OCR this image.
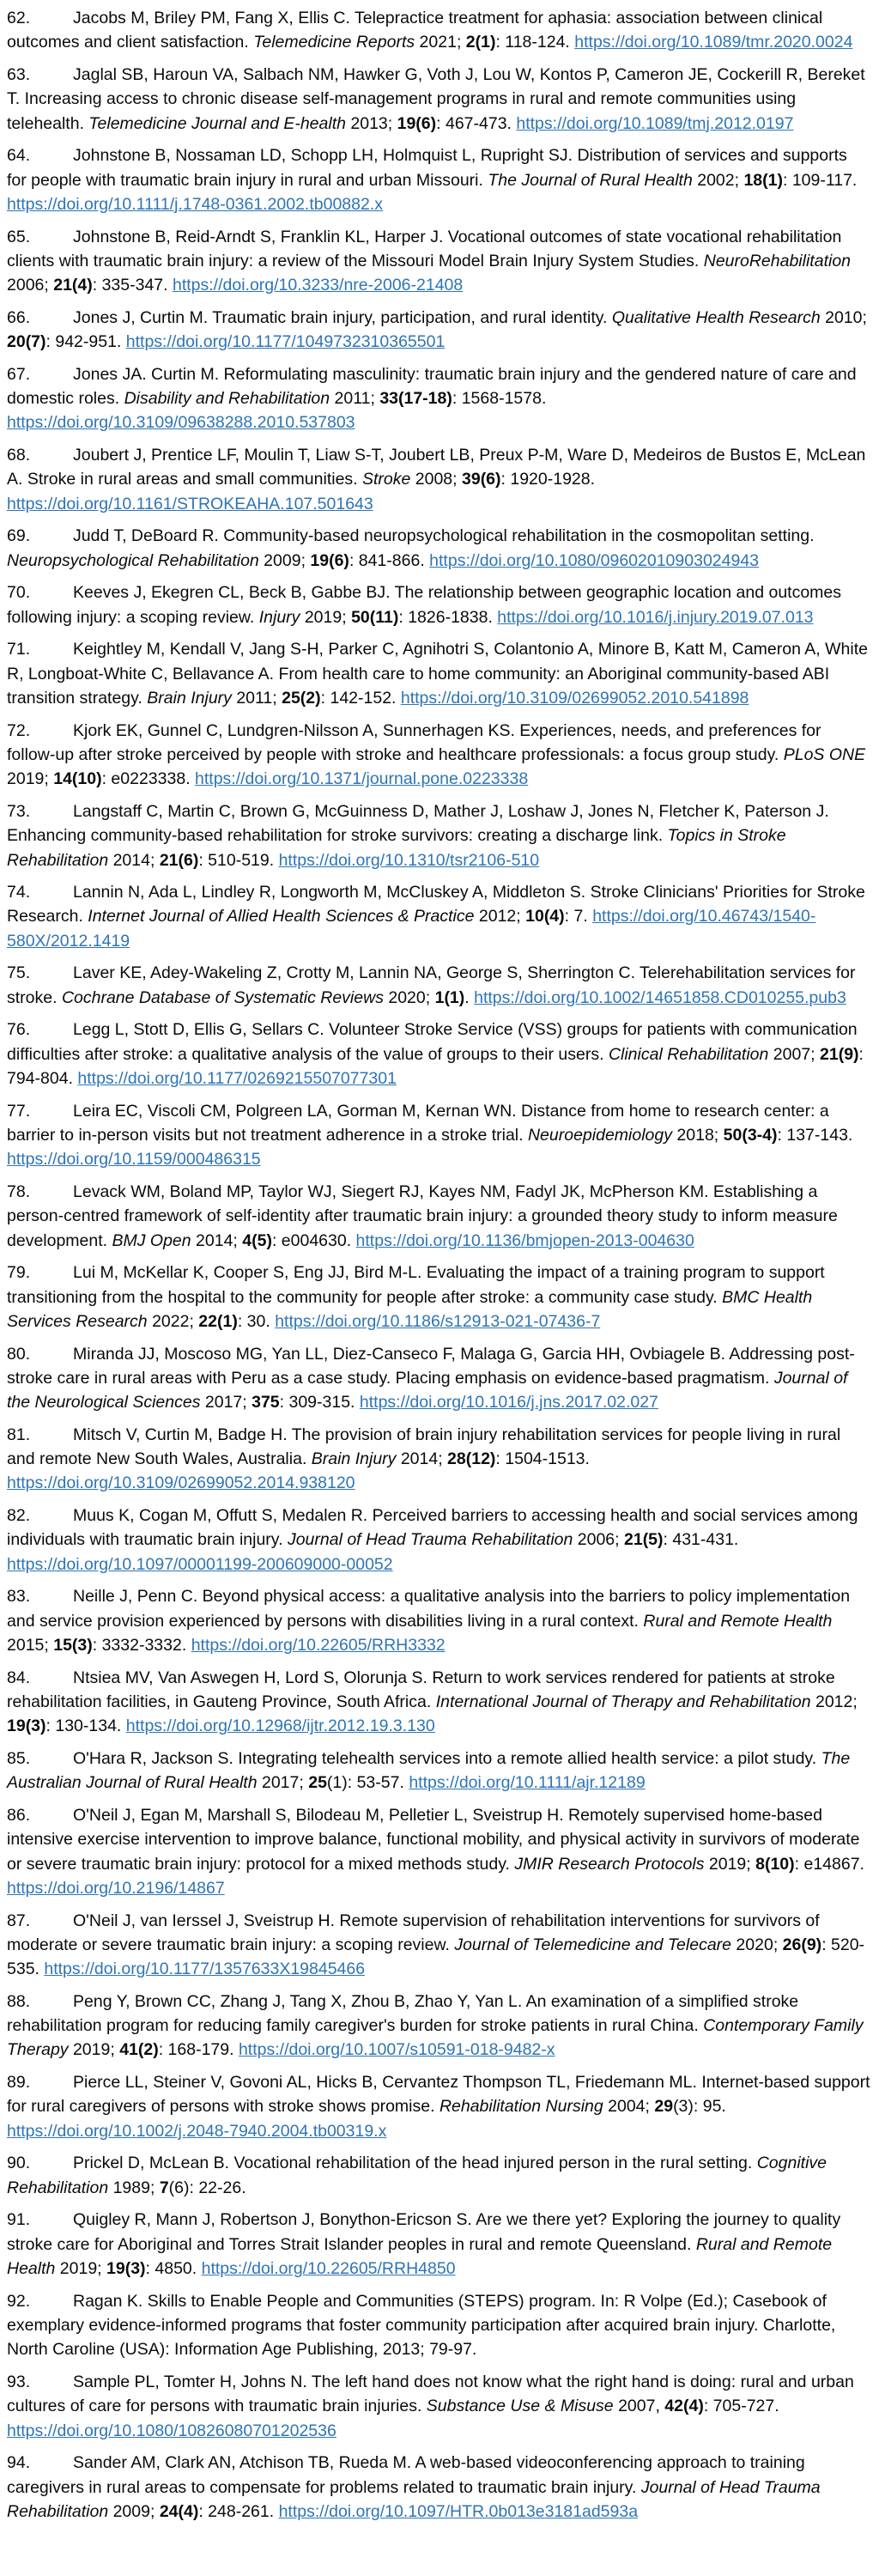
62.	Jacobs M, Briley PM, Fang X, Ellis C. Telepractice treatment for aphasia: association between clinical outcomes and client satisfaction. Telemedicine Reports 2021; 2(1): 118-124. https://doi.org/10.1089/tmr.2020.0024

63.	Jaglal SB, Haroun VA, Salbach NM, Hawker G, Voth J, Lou W, Kontos P, Cameron JE, Cockerill R, Bereket T. Increasing access to chronic disease self-management programs in rural and remote communities using telehealth. Telemedicine Journal and E-health 2013; 19(6): 467-473. https://doi.org/10.1089/tmj.2012.0197

64.	Johnstone B, Nossaman LD, Schopp LH, Holmquist L, Rupright SJ. Distribution of services and supports for people with traumatic brain injury in rural and urban Missouri. The Journal of Rural Health 2002; 18(1): 109-117. https://doi.org/10.1111/j.1748-0361.2002.tb00882.x

65.	Johnstone B, Reid-Arndt S, Franklin KL, Harper J. Vocational outcomes of state vocational rehabilitation clients with traumatic brain injury: a review of the Missouri Model Brain Injury System Studies. NeuroRehabilitation 2006; 21(4): 335-347. https://doi.org/10.3233/nre-2006-21408

66.	Jones J, Curtin M. Traumatic brain injury, participation, and rural identity. Qualitative Health Research 2010; 20(7): 942-951. https://doi.org/10.1177/1049732310365501

67.	Jones JA. Curtin M. Reformulating masculinity: traumatic brain injury and the gendered nature of care and domestic roles. Disability and Rehabilitation 2011; 33(17-18): 1568-1578. https://doi.org/10.3109/09638288.2010.537803

68.	Joubert J, Prentice LF, Moulin T, Liaw S-T, Joubert LB, Preux P-M, Ware D, Medeiros de Bustos E, McLean A. Stroke in rural areas and small communities. Stroke 2008; 39(6): 1920-1928. https://doi.org/10.1161/STROKEAHA.107.501643

69.	Judd T, DeBoard R. Community-based neuropsychological rehabilitation in the cosmopolitan setting. Neuropsychological Rehabilitation 2009; 19(6): 841-866. https://doi.org/10.1080/09602010903024943

70.	Keeves J, Ekegren CL, Beck B, Gabbe BJ. The relationship between geographic location and outcomes following injury: a scoping review. Injury 2019; 50(11): 1826-1838. https://doi.org/10.1016/j.injury.2019.07.013

71.	Keightley M, Kendall V, Jang S-H, Parker C, Agnihotri S, Colantonio A, Minore B, Katt M, Cameron A, White R, Longboat-White C, Bellavance A. From health care to home community: an Aboriginal community-based ABI transition strategy. Brain Injury 2011; 25(2): 142-152. https://doi.org/10.3109/02699052.2010.541898

72.	Kjork EK, Gunnel C, Lundgren-Nilsson A, Sunnerhagen KS. Experiences, needs, and preferences for follow-up after stroke perceived by people with stroke and healthcare professionals: a focus group study. PLoS ONE 2019; 14(10): e0223338. https://doi.org/10.1371/journal.pone.0223338

73.	Langstaff C, Martin C, Brown G, McGuinness D, Mather J, Loshaw J, Jones N, Fletcher K, Paterson J. Enhancing community-based rehabilitation for stroke survivors: creating a discharge link. Topics in Stroke Rehabilitation 2014; 21(6): 510-519. https://doi.org/10.1310/tsr2106-510

74.	Lannin N, Ada L, Lindley R, Longworth M, McCluskey A, Middleton S. Stroke Clinicians' Priorities for Stroke Research. Internet Journal of Allied Health Sciences & Practice 2012; 10(4): 7. https://doi.org/10.46743/1540-580X/2012.1419

75.	Laver KE, Adey-Wakeling Z, Crotty M, Lannin NA, George S, Sherrington C. Telerehabilitation services for stroke. Cochrane Database of Systematic Reviews 2020; 1(1). https://doi.org/10.1002/14651858.CD010255.pub3

76.	Legg L, Stott D, Ellis G, Sellars C. Volunteer Stroke Service (VSS) groups for patients with communication difficulties after stroke: a qualitative analysis of the value of groups to their users. Clinical Rehabilitation 2007; 21(9): 794-804. https://doi.org/10.1177/0269215507077301

77.	Leira EC, Viscoli CM, Polgreen LA, Gorman M, Kernan WN. Distance from home to research center: a barrier to in-person visits but not treatment adherence in a stroke trial. Neuroepidemiology 2018; 50(3-4): 137-143. https://doi.org/10.1159/000486315

78.	Levack WM, Boland MP, Taylor WJ, Siegert RJ, Kayes NM, Fadyl JK, McPherson KM. Establishing a person-centred framework of self-identity after traumatic brain injury: a grounded theory study to inform measure development. BMJ Open 2014; 4(5): e004630. https://doi.org/10.1136/bmjopen-2013-004630

79.	Lui M, McKellar K, Cooper S, Eng JJ, Bird M-L. Evaluating the impact of a training program to support transitioning from the hospital to the community for people after stroke: a community case study. BMC Health Services Research 2022; 22(1): 30. https://doi.org/10.1186/s12913-021-07436-7

80.	Miranda JJ, Moscoso MG, Yan LL, Diez-Canseco F, Malaga G, Garcia HH, Ovbiagele B. Addressing post-stroke care in rural areas with Peru as a case study. Placing emphasis on evidence-based pragmatism. Journal of the Neurological Sciences 2017; 375: 309-315. https://doi.org/10.1016/j.jns.2017.02.027

81.	Mitsch V, Curtin M, Badge H. The provision of brain injury rehabilitation services for people living in rural and remote New South Wales, Australia. Brain Injury 2014; 28(12): 1504-1513. https://doi.org/10.3109/02699052.2014.938120

82.	Muus K, Cogan M, Offutt S, Medalen R. Perceived barriers to accessing health and social services among individuals with traumatic brain injury. Journal of Head Trauma Rehabilitation 2006; 21(5): 431-431. https://doi.org/10.1097/00001199-200609000-00052

83.	Neille J, Penn C. Beyond physical access: a qualitative analysis into the barriers to policy implementation and service provision experienced by persons with disabilities living in a rural context. Rural and Remote Health 2015; 15(3): 3332-3332. https://doi.org/10.22605/RRH3332

84.	Ntsiea MV, Van Aswegen H, Lord S, Olorunja S. Return to work services rendered for patients at stroke rehabilitation facilities, in Gauteng Province, South Africa. International Journal of Therapy and Rehabilitation 2012; 19(3): 130-134. https://doi.org/10.12968/ijtr.2012.19.3.130

85.	O'Hara R, Jackson S. Integrating telehealth services into a remote allied health service: a pilot study. The Australian Journal of Rural Health 2017; 25(1): 53-57. https://doi.org/10.1111/ajr.12189

86.	O'Neil J, Egan M, Marshall S, Bilodeau M, Pelletier L, Sveistrup H. Remotely supervised home-based intensive exercise intervention to improve balance, functional mobility, and physical activity in survivors of moderate or severe traumatic brain injury: protocol for a mixed methods study. JMIR Research Protocols 2019; 8(10): e14867. https://doi.org/10.2196/14867

87.	O'Neil J, van Ierssel J, Sveistrup H. Remote supervision of rehabilitation interventions for survivors of moderate or severe traumatic brain injury: a scoping review. Journal of Telemedicine and Telecare 2020; 26(9): 520-535. https://doi.org/10.1177/1357633X19845466

88.	Peng Y, Brown CC, Zhang J, Tang X, Zhou B, Zhao Y, Yan L. An examination of a simplified stroke rehabilitation program for reducing family caregiver's burden for stroke patients in rural China. Contemporary Family Therapy 2019; 41(2): 168-179. https://doi.org/10.1007/s10591-018-9482-x

89.	Pierce LL, Steiner V, Govoni AL, Hicks B, Cervantez Thompson TL, Friedemann ML. Internet-based support for rural caregivers of persons with stroke shows promise. Rehabilitation Nursing 2004; 29(3): 95. https://doi.org/10.1002/j.2048-7940.2004.tb00319.x

90.	Prickel D, McLean B. Vocational rehabilitation of the head injured person in the rural setting. Cognitive Rehabilitation 1989; 7(6): 22-26.

91.	Quigley R, Mann J, Robertson J, Bonython-Ericson S. Are we there yet? Exploring the journey to quality stroke care for Aboriginal and Torres Strait Islander peoples in rural and remote Queensland. Rural and Remote Health 2019; 19(3): 4850. https://doi.org/10.22605/RRH4850

92.	Ragan K. Skills to Enable People and Communities (STEPS) program. In: R Volpe (Ed.); Casebook of exemplary evidence-informed programs that foster community participation after acquired brain injury. Charlotte, North Caroline (USA): Information Age Publishing, 2013; 79-97.

93.	Sample PL, Tomter H, Johns N. The left hand does not know what the right hand is doing: rural and urban cultures of care for persons with traumatic brain injuries. Substance Use & Misuse 2007, 42(4): 705-727. https://doi.org/10.1080/10826080701202536

94.	Sander AM, Clark AN, Atchison TB, Rueda M. A web-based videoconferencing approach to training caregivers in rural areas to compensate for problems related to traumatic brain injury. Journal of Head Trauma Rehabilitation 2009; 24(4): 248-261. https://doi.org/10.1097/HTR.0b013e3181ad593a
